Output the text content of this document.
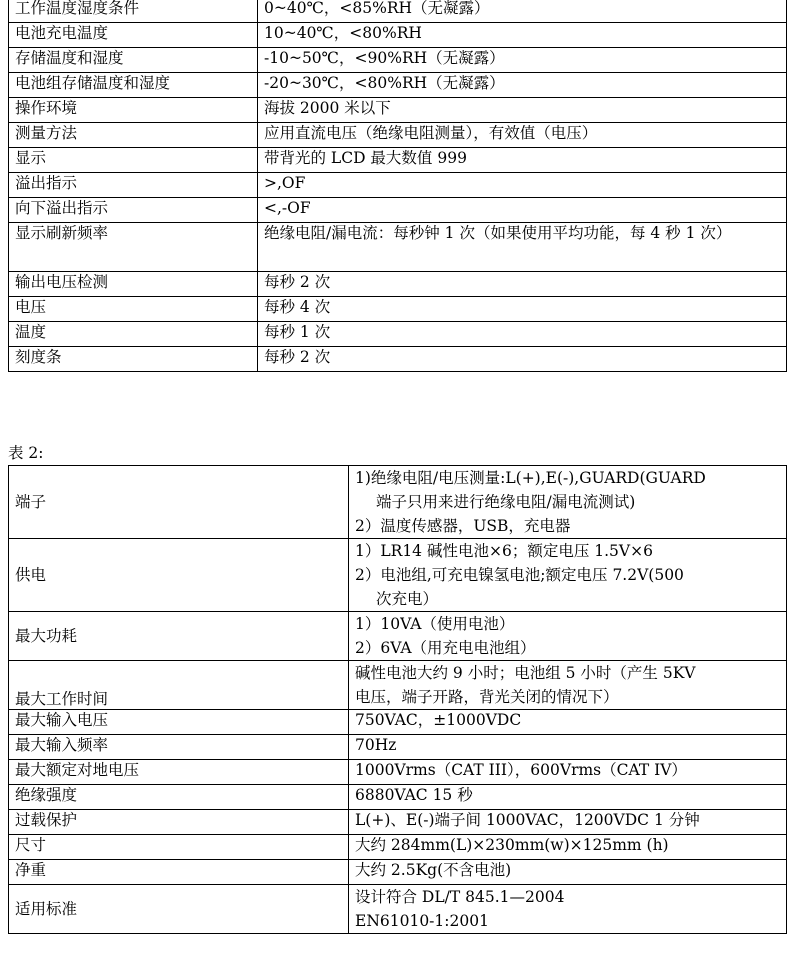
工作温度湿度条件	0~40℃，<85%RH（无凝露）
电池充电温度	10~40℃，<80%RH
存储温度和湿度	-10~50℃，<90%RH（无凝露）
电池组存储温度和湿度	-20~30℃，<80%RH（无凝露）
操作环境	海拔 2000 米以下
测量方法	应用直流电压（绝缘电阻测量），有效值（电压）
显示	带背光的 LCD 最大数值 999
溢出指示	>,OF
向下溢出指示	<,-OF
显示刷新频率	绝缘电阻/漏电流：每秒钟 1 次（如果使用平均功能，每 4 秒 1 次）
输出电压检测	每秒 2 次
电压	每秒 4 次
温度	每秒 1 次
刻度条	每秒 2 次

表 2:

端子	1)绝缘电阻/电压测量:L(+),E(-),GUARD(GUARD
端子只用来进行绝缘电阻/漏电流测试)
2）温度传感器，USB，充电器

供电	1）LR14 碱性电池×6；额定电压 1.5V×6
2）电池组,可充电镍氢电池;额定电压 7.2V(500
次充电）

最大功耗	1）10VA（使用电池）
2）6VA（用充电电池组）

最大工作时间	碱性电池大约 9 小时；电池组 5 小时（产生 5KV
电压，端子开路，背光关闭的情况下）

最大输入电压	750VAC，±1000VDC
最大输入频率	70Hz
最大额定对地电压	1000Vrms（CAT III），600Vrms（CAT IV）
绝缘强度	6880VAC 15 秒
过载保护	L(+)、E(-)端子间 1000VAC，1200VDC 1 分钟
尺寸	大约 284mm(L)×230mm(w)×125mm (h)
净重	大约 2.5Kg(不含电池)
适用标准	设计符合 DL/T 845.1—2004
EN61010-1:2001
